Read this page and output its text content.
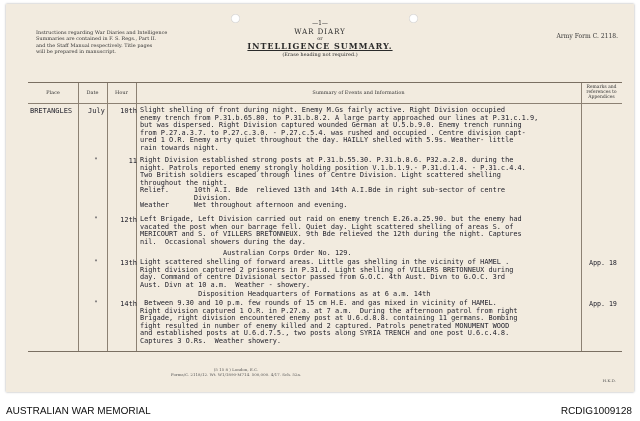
—1—
WAR DIARY
or
INTELLIGENCE SUMMARY.
(Erase heading not required.)
Instructions regarding War Diaries and Intelligence
Summaries are contained in F. S. Regs., Part II.
and the Staff Manual respectively. Title pages
will be prepared in manuscript.
Army Form C. 2118.
Place	Date	Hour	Summary of Events and Information
Remarks and
references to
Appendices
BRETANGLES July	10th Slight shelling of front during night. Enemy M.Gs fairly active. Right Division occupied
enemy trench from P.31.b.65.80. to P.31.b.8.2. A large party approached our lines at P.31.c.1.9,
but was dispersed. Right Division captured wounded German at U.5.b.9.0. Enemy trench running
from P.27.a.3.7. to P.27.c.3.0. - P.27.c.5.4. was rushed and occupied . Centre division capt-
ured 1 O.R. Enemy arty quiet throughout the day. HAILLY shelled with 5.9s. Weather- little
rain towards night.
"	11 Right Division established strong posts at P.31.b.55.30. P.31.b.8.6. P32.a.2.8. during the
night. Patrols reported enemy strongly holding position V.1.b.1.9.- P.31.d.1.4. - P.31.c.4.4.
Two British soldiers escaped through lines of Centre Division. Light scattered shelling
throughout the night.
Relief.      10th A.I. Bde  relieved 13th and 14th A.I.Bde in right sub-sector of centre
Division.
Weather      Wet throughout afternoon and evening.
"	12th Left Brigade, Left Division carried out raid on enemy trench E.26.a.25.90. but the enemy had
vacated the post when our barrage fell. Quiet day. Light scattered shelling of areas S. of
MERICOURT and S. of VILLERS BRETONNEUX. 9th Bde relieved the 12th during the night. Captures
nil.  Occasional showers during the day.
Australian Corps Order No. 129.
"	13th Light scattered shelling of forward areas. Little gas shelling in the vicinity of HAMEL .
Right division captured 2 prisoners in P.31.d. Light shelling of VILLERS BRETONNEUX during
day. Command of centre Divisional sector passed from G.O.C. 4th Aust. Divn to G.O.C. 3rd
Aust. Divn at 10 a.m.  Weather - showery.
App. 18
Disposition Headquarters of Formations as at 6 a.m. 14th
"	14th Between 9.30 and 10 p.m. few rounds of 15 cm H.E. and gas mixed in vicinity of HAMEL.
Right division captured 1 O.R. in P.27.a. at 7 a.m.  During the afternoon patrol from right
Brigade, right division encountered enemy post at U.6.d.8.8. containing 11 germans. Bombing
fight resulted in number of enemy killed and 2 captured. Patrols penetrated MONUMENT WOOD
and established posts at U.6.d.7.5., two posts along SYRIA TRENCH and one post U.6.c.4.8.
Captures 3 O.Rs.  Weather showery.
App. 19
(5 15 8 ) London, E.C.
Forms/C. 2118/12. Wt. W1/1890-M714. 500,000. 4/17. Sch. 52a.
H.K.D.
AUSTRALIAN WAR MEMORIAL	RCDIG1009128
